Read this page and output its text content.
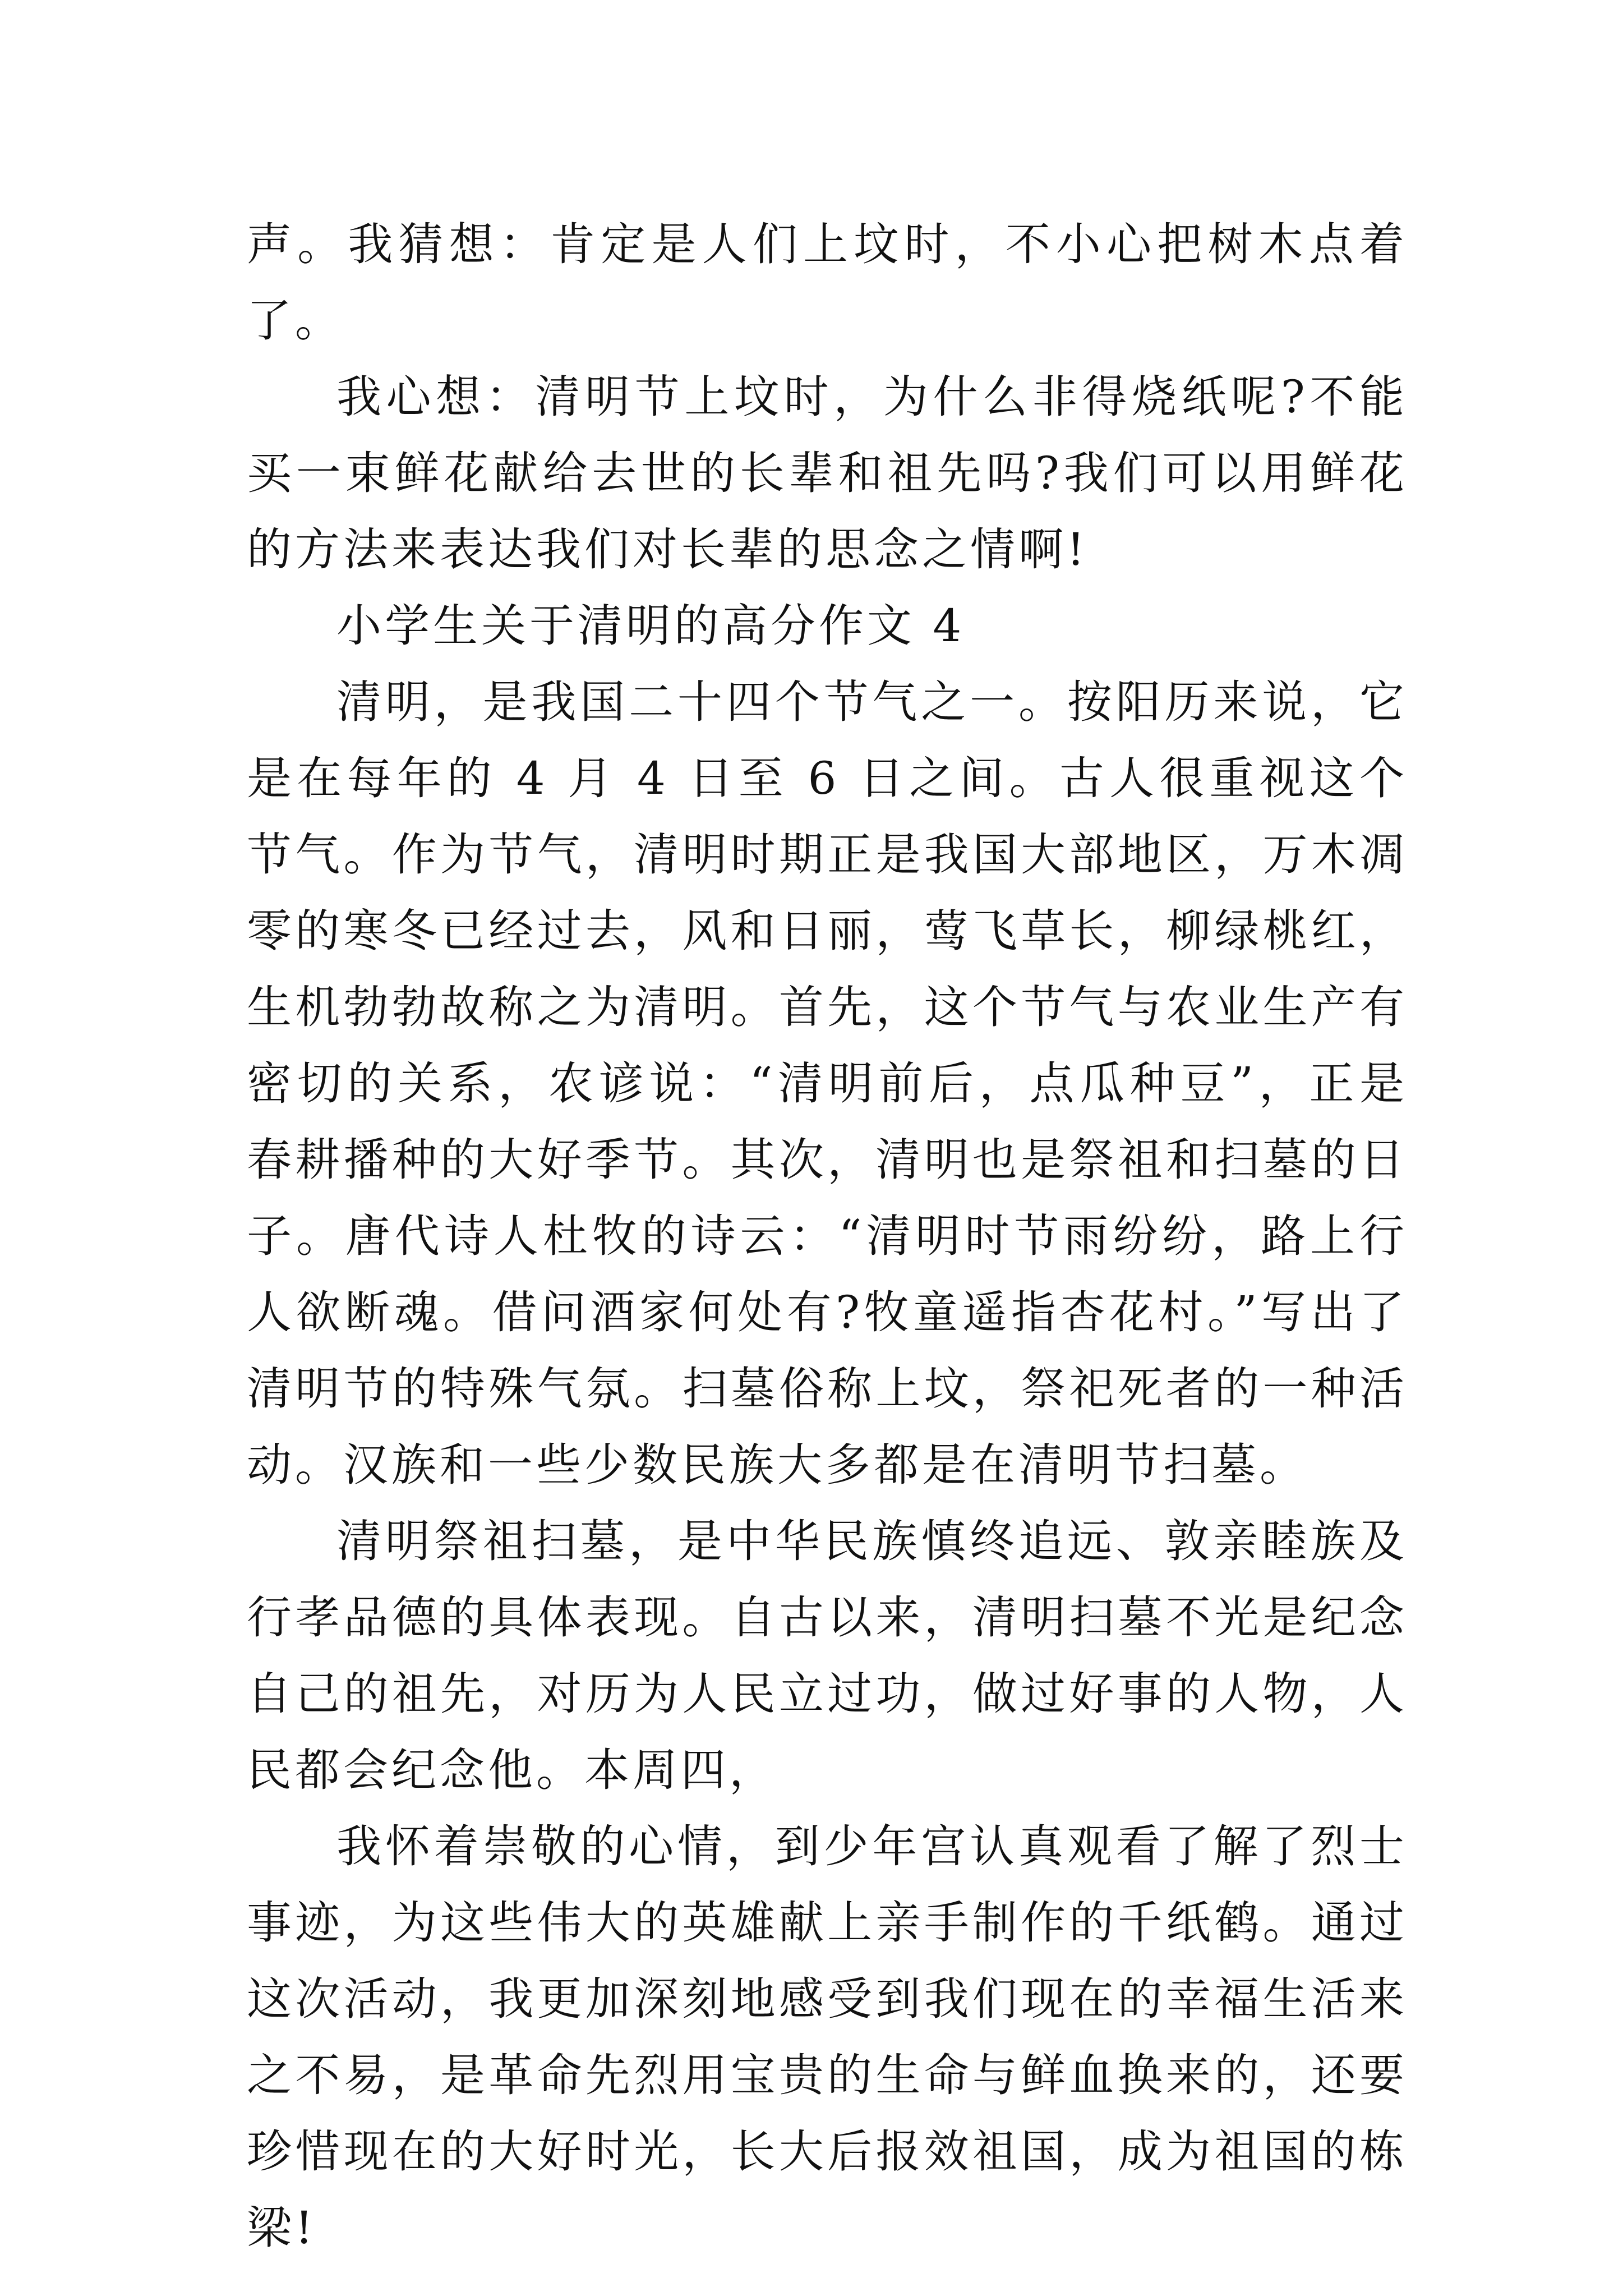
声。我猜想：肯定是人们上坟时，不小心把树木点着了。

我心想：清明节上坟时，为什么非得烧纸呢?不能买一束鲜花献给去世的长辈和祖先吗?我们可以用鲜花的方法来表达我们对长辈的思念之情啊!

小学生关于清明的高分作文 4

清明，是我国二十四个节气之一。按阳历来说，它是在每年的 4 月 4 日至 6 日之间。古人很重视这个节气。作为节气，清明时期正是我国大部地区，万木凋零的寒冬已经过去，风和日丽，莺飞草长，柳绿桃红，生机勃勃故称之为清明。首先，这个节气与农业生产有密切的关系，农谚说：“清明前后，点瓜种豆”，正是春耕播种的大好季节。其次，清明也是祭祖和扫墓的日子。唐代诗人杜牧的诗云：“清明时节雨纷纷，路上行人欲断魂。借问酒家何处有?牧童遥指杏花村。”写出了清明节的特殊气氛。扫墓俗称上坟，祭祀死者的一种活动。汉族和一些少数民族大多都是在清明节扫墓。

清明祭祖扫墓，是中华民族慎终追远、敦亲睦族及行孝品德的具体表现。自古以来，清明扫墓不光是纪念自己的祖先，对历为人民立过功，做过好事的人物，人民都会纪念他。本周四，

我怀着崇敬的心情，到少年宫认真观看了解了烈士事迹，为这些伟大的英雄献上亲手制作的千纸鹤。通过这次活动，我更加深刻地感受到我们现在的幸福生活来之不易，是革命先烈用宝贵的生命与鲜血换来的，还要珍惜现在的大好时光，长大后报效祖国，成为祖国的栋梁!
